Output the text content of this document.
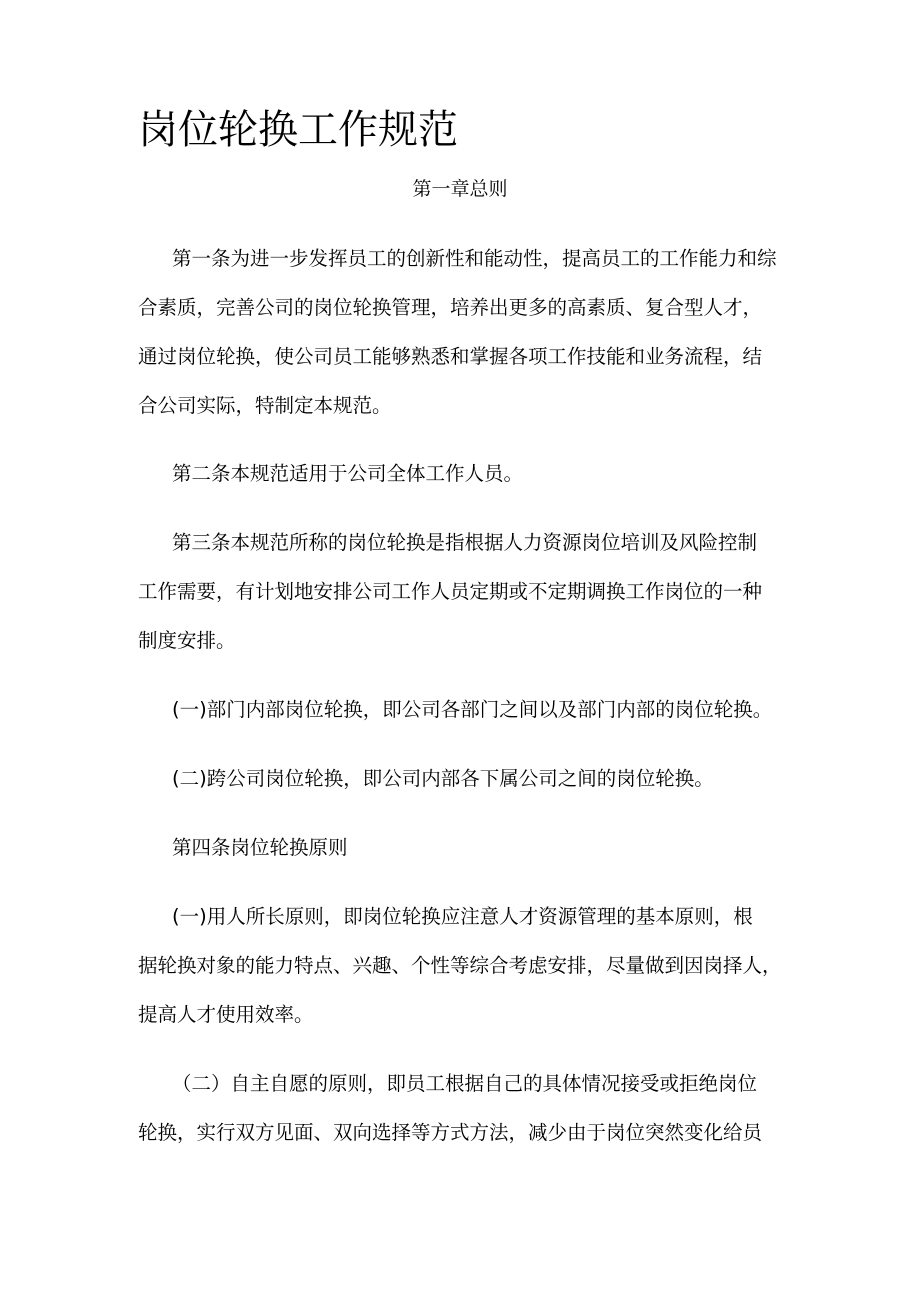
岗位轮换工作规范
第一章总则
第一条为进一步发挥员工的创新性和能动性，提高员工的工作能力和综
合素质，完善公司的岗位轮换管理，培养出更多的高素质、复合型人才，
通过岗位轮换，使公司员工能够熟悉和掌握各项工作技能和业务流程，结
合公司实际，特制定本规范。
第二条本规范适用于公司全体工作人员。
第三条本规范所称的岗位轮换是指根据人力资源岗位培训及风险控制
工作需要，有计划地安排公司工作人员定期或不定期调换工作岗位的一种
制度安排。
(一)部门内部岗位轮换，即公司各部门之间以及部门内部的岗位轮换。
(二)跨公司岗位轮换，即公司内部各下属公司之间的岗位轮换。
第四条岗位轮换原则
(一)用人所长原则，即岗位轮换应注意人才资源管理的基本原则，根
据轮换对象的能力特点、兴趣、个性等综合考虑安排，尽量做到因岗择人，
提高人才使用效率。
（二）自主自愿的原则，即员工根据自己的具体情况接受或拒绝岗位
轮换，实行双方见面、双向选择等方式方法，减少由于岗位突然变化给员
